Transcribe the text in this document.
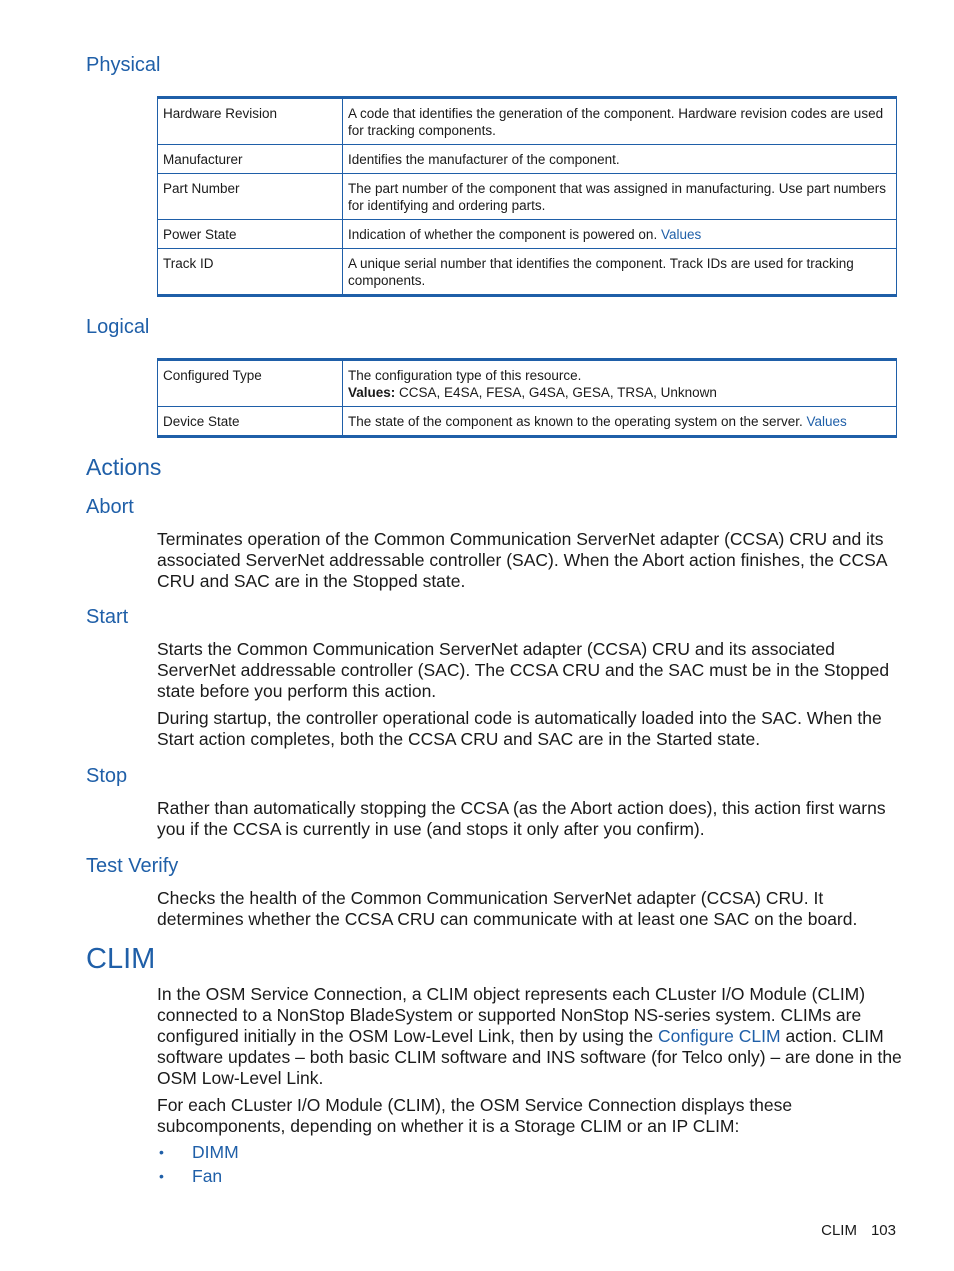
Physical
Hardware Revision	A code that identifies the generation of the component. Hardware revision codes are used for tracking components.
Manufacturer	Identifies the manufacturer of the component.
Part Number	The part number of the component that was assigned in manufacturing. Use part numbers for identifying and ordering parts.
Power State	Indication of whether the component is powered on. Values
Track ID	A unique serial number that identifies the component. Track IDs are used for tracking components.
Logical
Configured Type	The configuration type of this resource.
Values: CCSA, E4SA, FESA, G4SA, GESA, TRSA, Unknown
Device State	The state of the component as known to the operating system on the server. Values
Actions
Abort

Terminates operation of the Common Communication ServerNet adapter (CCSA) CRU and its associated ServerNet addressable controller (SAC). When the Abort action finishes, the CCSA CRU and SAC are in the Stopped state.

Start

Starts the Common Communication ServerNet adapter (CCSA) CRU and its associated ServerNet addressable controller (SAC). The CCSA CRU and the SAC must be in the Stopped state before you perform this action.

During startup, the controller operational code is automatically loaded into the SAC. When the Start action completes, both the CCSA CRU and SAC are in the Started state.

Stop

Rather than automatically stopping the CCSA (as the Abort action does), this action first warns you if the CCSA is currently in use (and stops it only after you confirm).

Test Verify

Checks the health of the Common Communication ServerNet adapter (CCSA) CRU. It determines whether the CCSA CRU can communicate with at least one SAC on the board.

CLIM

In the OSM Service Connection, a CLIM object represents each CLuster I/O Module (CLIM) connected to a NonStop BladeSystem or supported NonStop NS-series system. CLIMs are configured initially in the OSM Low-Level Link, then by using the Configure CLIM action. CLIM software updates – both basic CLIM software and INS software (for Telco only) – are done in the OSM Low-Level Link.

For each CLuster I/O Module (CLIM), the OSM Service Connection displays these subcomponents, depending on whether it is a Storage CLIM or an IP CLIM:

• DIMM
• Fan
CLIM 103
